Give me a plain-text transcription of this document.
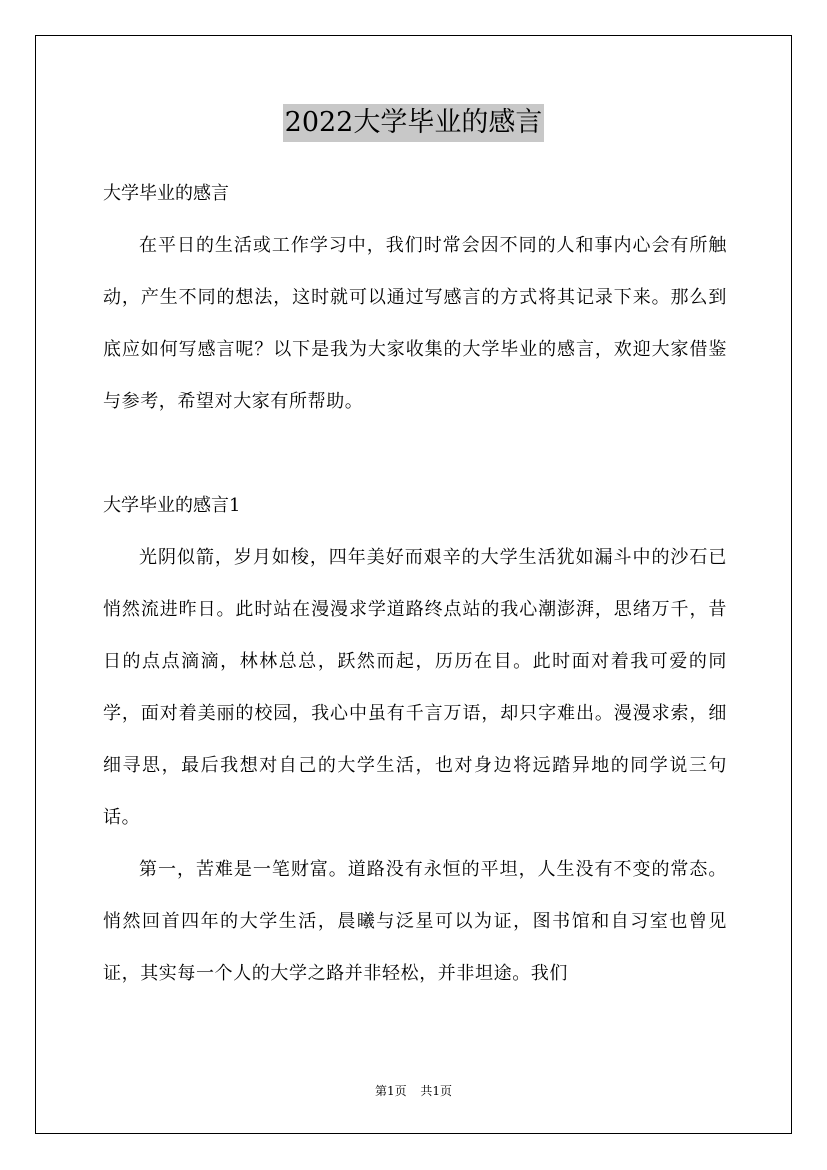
2022大学毕业的感言

大学毕业的感言

在平日的生活或工作学习中，我们时常会因不同的人和事内心会有所触动，产生不同的想法，这时就可以通过写感言的方式将其记录下来。那么到底应如何写感言呢？以下是我为大家收集的大学毕业的感言，欢迎大家借鉴与参考，希望对大家有所帮助。

大学毕业的感言1

光阴似箭，岁月如梭，四年美好而艰辛的大学生活犹如漏斗中的沙石已悄然流进昨日。此时站在漫漫求学道路终点站的我心潮澎湃，思绪万千，昔日的点点滴滴，林林总总，跃然而起，历历在目。此时面对着我可爱的同学，面对着美丽的校园，我心中虽有千言万语，却只字难出。漫漫求索，细细寻思，最后我想对自己的大学生活，也对身边将远踏异地的同学说三句话。

第一，苦难是一笔财富。道路没有永恒的平坦，人生没有不变的常态。悄然回首四年的大学生活，晨曦与泛星可以为证，图书馆和自习室也曾见证，其实每一个人的大学之路并非轻松，并非坦途。我们

第1页 共1页
